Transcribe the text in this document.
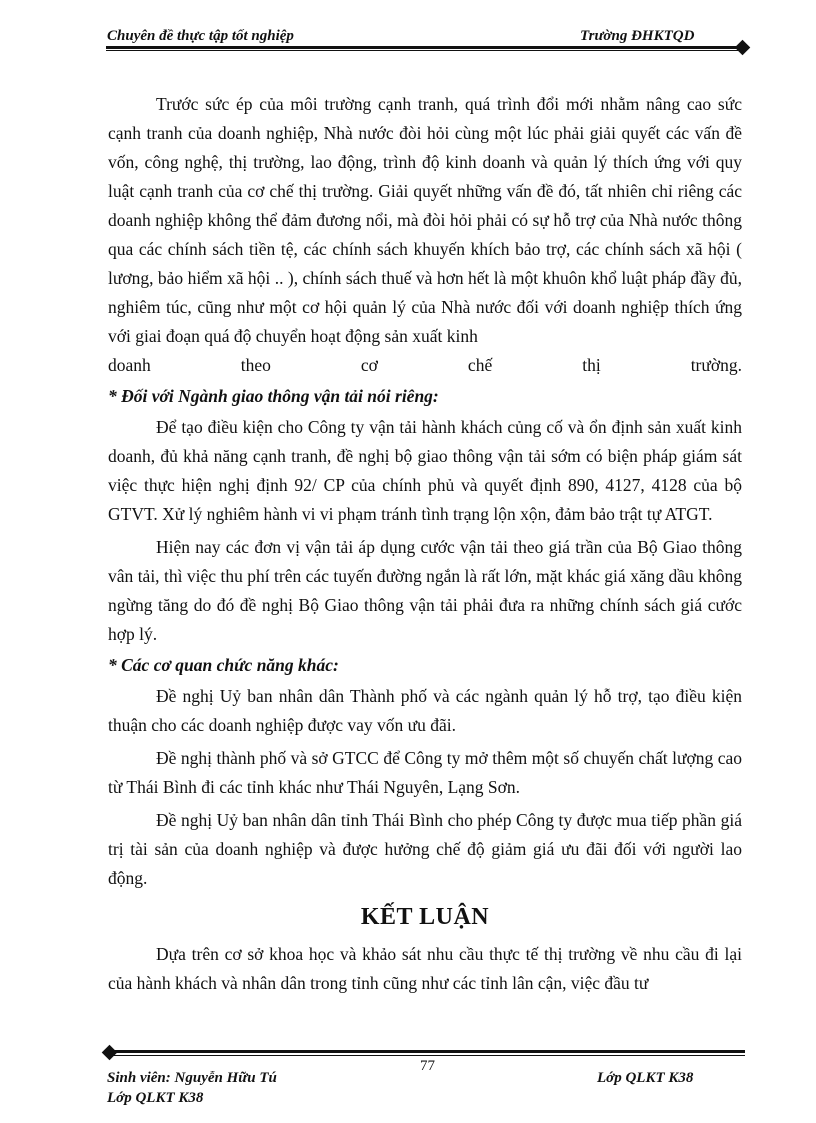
Chuyên đề thực tập tốt nghiệp	Trường ĐHKTQD

Trước sức ép của môi trường cạnh tranh, quá trình đổi mới nhằm nâng cao sức cạnh tranh của doanh nghiệp, Nhà nước đòi hỏi cùng một lúc phải giải quyết các vấn đề vốn, công nghệ, thị trường, lao động, trình độ kinh doanh và quản lý thích ứng với quy luật cạnh tranh của cơ chế thị trường. Giải quyết những vấn đề đó, tất nhiên chỉ riêng các doanh nghiệp không thể đảm đương nổi, mà đòi hỏi phải có sự hỗ trợ của Nhà nước thông qua các chính sách tiền tệ, các chính sách khuyến khích bảo trợ, các chính sách xã hội ( lương, bảo hiểm xã hội .. ), chính sách thuế và hơn hết là một khuôn khổ luật pháp đầy đủ, nghiêm túc, cũng như một cơ hội quản lý của Nhà nước đối với doanh nghiệp thích ứng với giai đoạn quá độ chuyển hoạt động sản xuất kinh

doanh theo cơ chế thị trường.

* Đối với Ngành giao thông vận tải nói riêng:

Để tạo điều kiện cho Công ty vận tải hành khách củng cố và ổn định sản xuất kinh doanh, đủ khả năng cạnh tranh, đề nghị bộ giao thông vận tải sớm có biện pháp giám sát việc thực hiện nghị định 92/ CP của chính phủ và quyết định 890, 4127, 4128 của bộ GTVT. Xử lý nghiêm hành vi vi phạm tránh tình trạng lộn xộn, đảm bảo trật tự ATGT.

Hiện nay các đơn vị vận tải áp dụng cước vận tải theo giá trần của Bộ Giao thông vân tải, thì việc thu phí trên các tuyến đường ngắn là rất lớn, mặt khác giá xăng dầu không ngừng tăng do đó đề nghị Bộ Giao thông vận tải phải đưa ra những chính sách giá cước hợp lý.

* Các cơ quan chức năng khác:

Đề nghị Uỷ ban nhân dân Thành phố và các ngành quản lý hỗ trợ, tạo điều kiện thuận cho các doanh nghiệp được vay vốn ưu đãi.

Đề nghị thành phố và sở GTCC để Công ty mở thêm một số chuyến chất lượng cao từ Thái Bình đi các tỉnh khác như Thái Nguyên, Lạng Sơn.

Đề nghị Uỷ ban nhân dân tỉnh Thái Bình cho phép Công ty được mua tiếp phần giá trị tài sản của doanh nghiệp và được hưởng chế độ giảm giá ưu đãi đối với người lao động.

KẾT LUẬN

Dựa trên cơ sở khoa học và khảo sát nhu cầu thực tế thị trường về nhu cầu đi lại của hành khách và nhân dân trong tỉnh cũng như các tỉnh lân cận, việc đầu tư

77
Sinh viên: Nguyễn Hữu Tú	Lớp QLKT K38
Lớp QLKT K38
